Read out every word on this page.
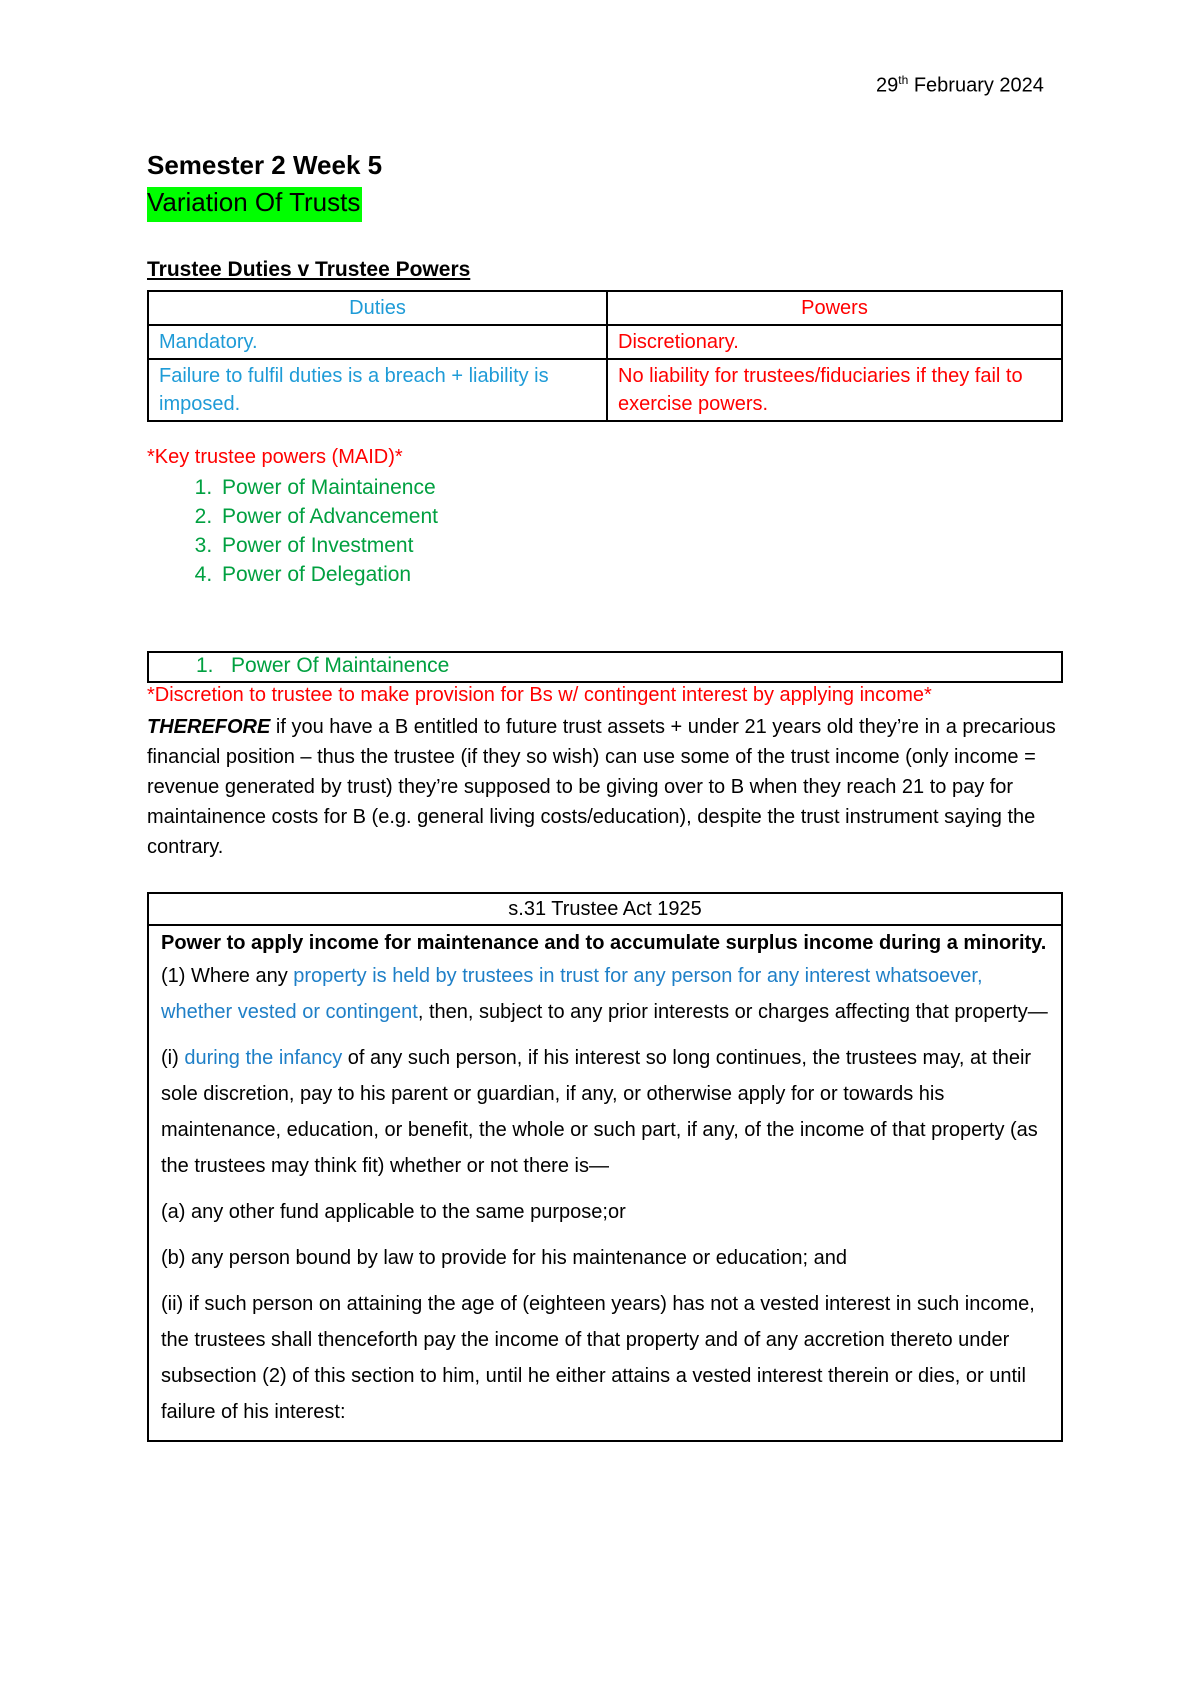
29th February 2024
Semester 2 Week 5
Variation Of Trusts
Trustee Duties v Trustee Powers
Duties	Powers
Mandatory.	Discretionary.
Failure to fulfil duties is a breach + liability is imposed.	No liability for trustees/fiduciaries if they fail to exercise powers.
*Key trustee powers (MAID)*
1. Power of Maintainence
2. Power of Advancement
3. Power of Investment
4. Power of Delegation
1. Power Of Maintainence
*Discretion to trustee to make provision for Bs w/ contingent interest by applying income*
THEREFORE if you have a B entitled to future trust assets + under 21 years old they’re in a precarious financial position – thus the trustee (if they so wish) can use some of the trust income (only income = revenue generated by trust) they’re supposed to be giving over to B when they reach 21 to pay for maintainence costs for B (e.g. general living costs/education), despite the trust instrument saying the contrary.
s.31 Trustee Act 1925
Power to apply income for maintenance and to accumulate surplus income during a minority.

(1) Where any property is held by trustees in trust for any person for any interest whatsoever, whether vested or contingent, then, subject to any prior interests or charges affecting that property—

(i) during the infancy of any such person, if his interest so long continues, the trustees may, at their sole discretion, pay to his parent or guardian, if any, or otherwise apply for or towards his maintenance, education, or benefit, the whole or such part, if any, of the income of that property (as the trustees may think fit) whether or not there is—

(a) any other fund applicable to the same purpose;or

(b) any person bound by law to provide for his maintenance or education; and

(ii) if such person on attaining the age of (eighteen years) has not a vested interest in such income, the trustees shall thenceforth pay the income of that property and of any accretion thereto under subsection (2) of this section to him, until he either attains a vested interest therein or dies, or until failure of his interest:
